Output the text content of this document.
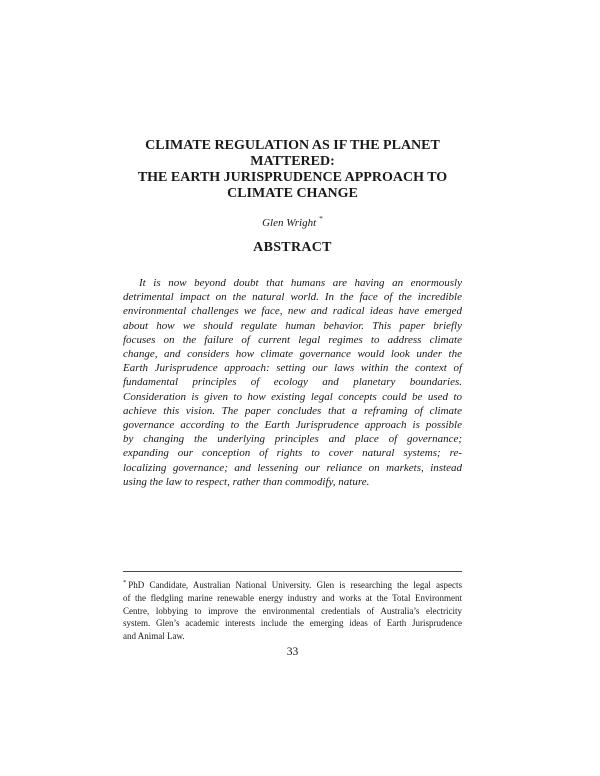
CLIMATE REGULATION AS IF THE PLANET
MATTERED:
THE EARTH JURISPRUDENCE APPROACH TO
CLIMATE CHANGE
Glen Wright *
ABSTRACT
It is now beyond doubt that humans are having an enormously
detrimental impact on the natural world. In the face of the incredible
environmental challenges we face, new and radical ideas have emerged
about how we should regulate human behavior. This paper briefly
focuses on the failure of current legal regimes to address climate
change, and considers how climate governance would look under the
Earth Jurisprudence approach: setting our laws within the context of
fundamental principles of ecology and planetary boundaries.
Consideration is given to how existing legal concepts could be used to
achieve this vision. The paper concludes that a reframing of climate
governance according to the Earth Jurisprudence approach is possible
by changing the underlying principles and place of governance;
expanding our conception of rights to cover natural systems; re-
localizing governance; and lessening our reliance on markets, instead
using the law to respect, rather than commodify, nature.
* PhD Candidate, Australian National University. Glen is researching the legal aspects
of the fledgling marine renewable energy industry and works at the Total Environment
Centre, lobbying to improve the environmental credentials of Australia’s electricity
system. Glen’s academic interests include the emerging ideas of Earth Jurisprudence
and Animal Law.
33
